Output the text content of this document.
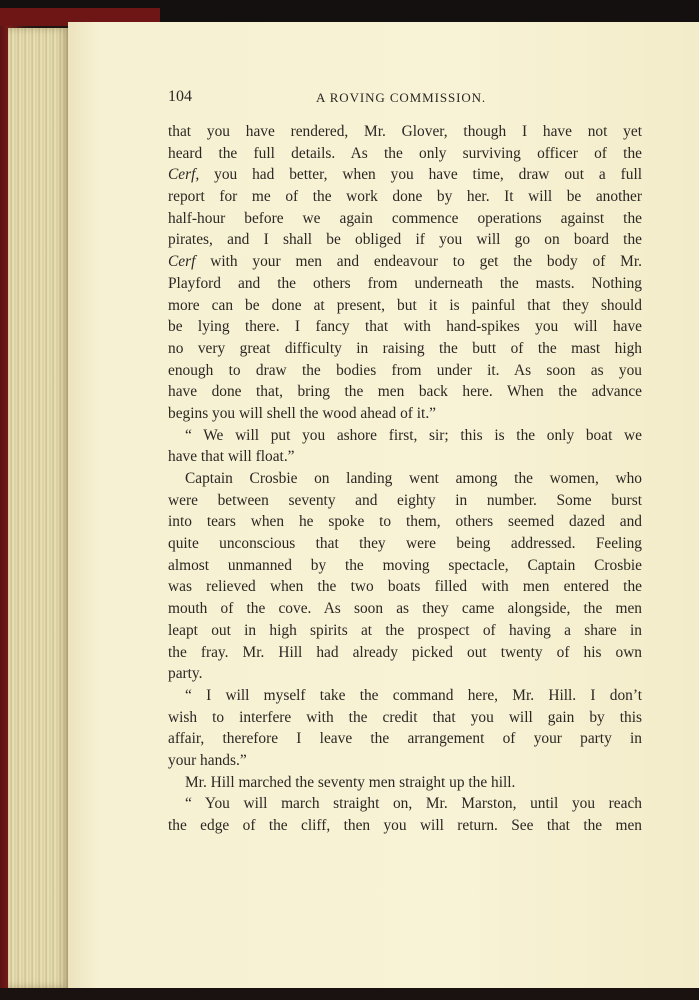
104	A ROVING COMMISSION.
that you have rendered, Mr. Glover, though I have not yet
heard the full details. As the only surviving officer of the
Cerf, you had better, when you have time, draw out a full
report for me of the work done by her. It will be another
half-hour before we again commence operations against the
pirates, and I shall be obliged if you will go on board the
Cerf with your men and endeavour to get the body of Mr.
Playford and the others from underneath the masts. Nothing
more can be done at present, but it is painful that they should
be lying there. I fancy that with hand-spikes you will have
no very great difficulty in raising the butt of the mast high
enough to draw the bodies from under it. As soon as you
have done that, bring the men back here. When the advance
begins you will shell the wood ahead of it.”
“ We will put you ashore first, sir; this is the only boat we
have that will float.”
Captain Crosbie on landing went among the women, who
were between seventy and eighty in number. Some burst
into tears when he spoke to them, others seemed dazed and
quite unconscious that they were being addressed. Feeling
almost unmanned by the moving spectacle, Captain Crosbie
was relieved when the two boats filled with men entered the
mouth of the cove. As soon as they came alongside, the men
leapt out in high spirits at the prospect of having a share in
the fray. Mr. Hill had already picked out twenty of his own
party.
“ I will myself take the command here, Mr. Hill. I don’t
wish to interfere with the credit that you will gain by this
affair, therefore I leave the arrangement of your party in
your hands.”
Mr. Hill marched the seventy men straight up the hill.
“ You will march straight on, Mr. Marston, until you reach
the edge of the cliff, then you will return. See that the men
